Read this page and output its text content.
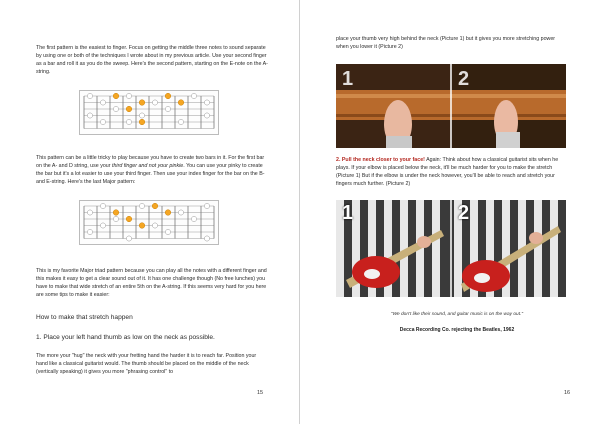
The first pattern is the easiest to finger. Focus on getting the middle three notes to sound separate by using one or both of the techniques I wrote about in my previous article. Use your second finger as a bar and roll it as you do the sweep. Here's the second pattern, starting on the E-note on the A-string.

This pattern can be a little tricky to play because you have to create two bars in it. For the first bar on the A- and D string, use your third finger and not your pinkie. You can use your pinky to create the bar but it's a lot easier to use your third finger. Then use your index finger for the bar on the B- and E-string. Here's the last Major pattern:

This is my favorite Major triad pattern because you can play all the notes with a different finger and this makes it easy to get a clear sound out of it. It has one challenge though (No free lunches) you have to make that wide stretch of an entire 5th on the A-string. If this seems very hard for you here are some tips to make it easier:

How to make that stretch happen

1. Place your left hand thumb as low on the neck as possible.

The more your "hug" the neck with your fretting hand the harder it is to reach far. Position your hand like a classical guitarist would. The thumb should be placed on the middle of the neck (vertically speaking) it gives you more "phrasing control" to

15

place your thumb very high behind the neck (Picture 1) but it gives you more stretching power when you lower it (Picture 2)

1	2

2. Pull the neck closer to your face! Again: Think about how a classical guitarist sits when he plays. If your elbow is placed below the neck, it'll be much harder for you to make the stretch (Picture 1) But if the elbow is under the neck however, you'll be able to reach and stretch your fingers much further. (Picture 2)

1	2

"We don't like their sound, and guitar music is on the way out."

Decca Recording Co. rejecting the Beatles, 1962

16
